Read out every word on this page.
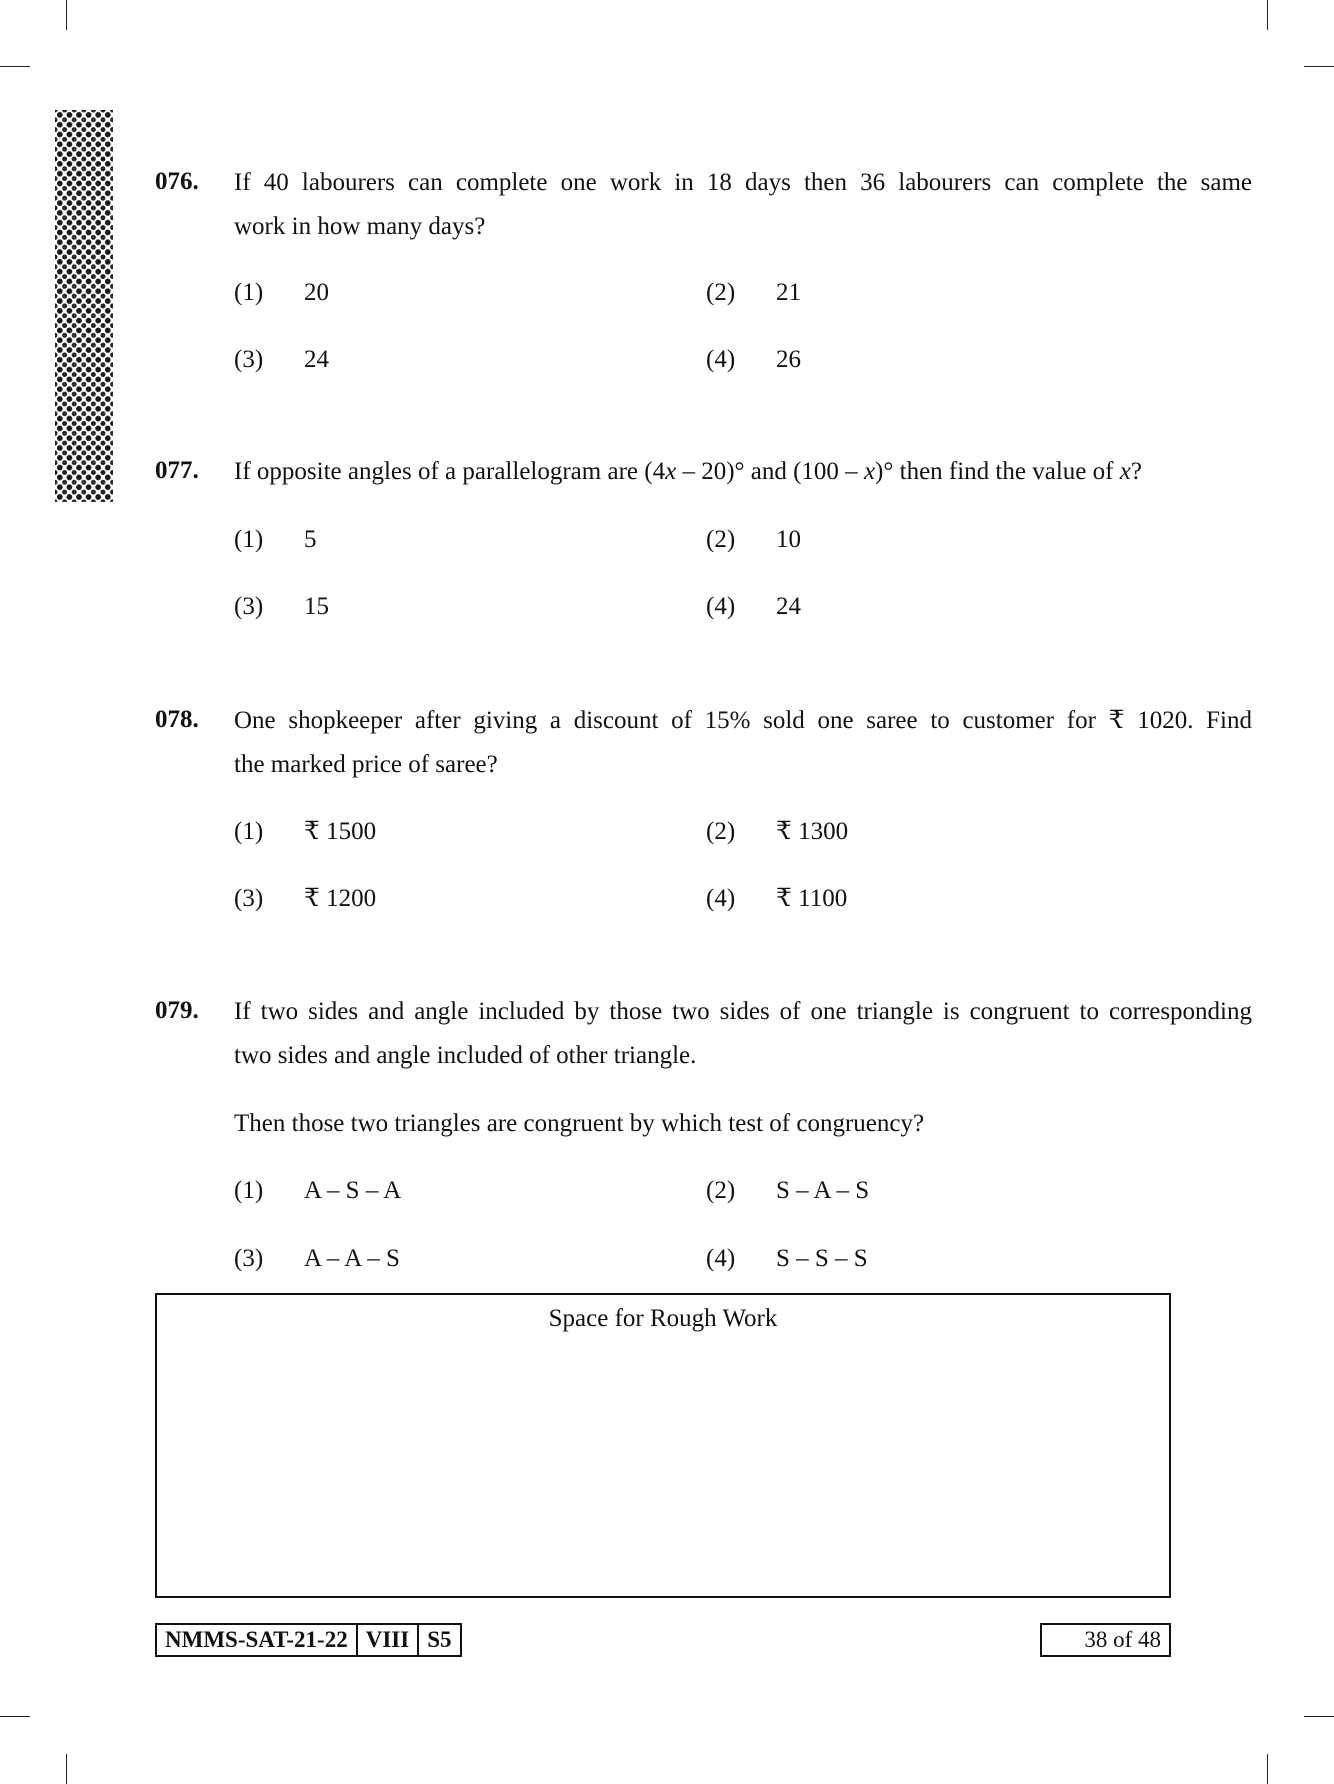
076. If 40 labourers can complete one work in 18 days then 36 labourers can complete the same
work in how many days?
(1) 20	(2) 21
(3) 24	(4) 26
077. If opposite angles of a parallelogram are (4x – 20)° and (100 – x)° then find the value of x?
(1) 5	(2) 10
(3) 15	(4) 24
078. One shopkeeper after giving a discount of 15% sold one saree to customer for ₹ 1020. Find
the marked price of saree?
(1) ₹ 1500	(2) ₹ 1300
(3) ₹ 1200	(4) ₹ 1100
079. If two sides and angle included by those two sides of one triangle is congruent to corresponding
two sides and angle included of other triangle.
Then those two triangles are congruent by which test of congruency?
(1) A – S – A	(2) S – A – S
(3) A – A – S	(4) S – S – S
Space for Rough Work
NMMS-SAT-21-22 VIII S5	38 of 48
